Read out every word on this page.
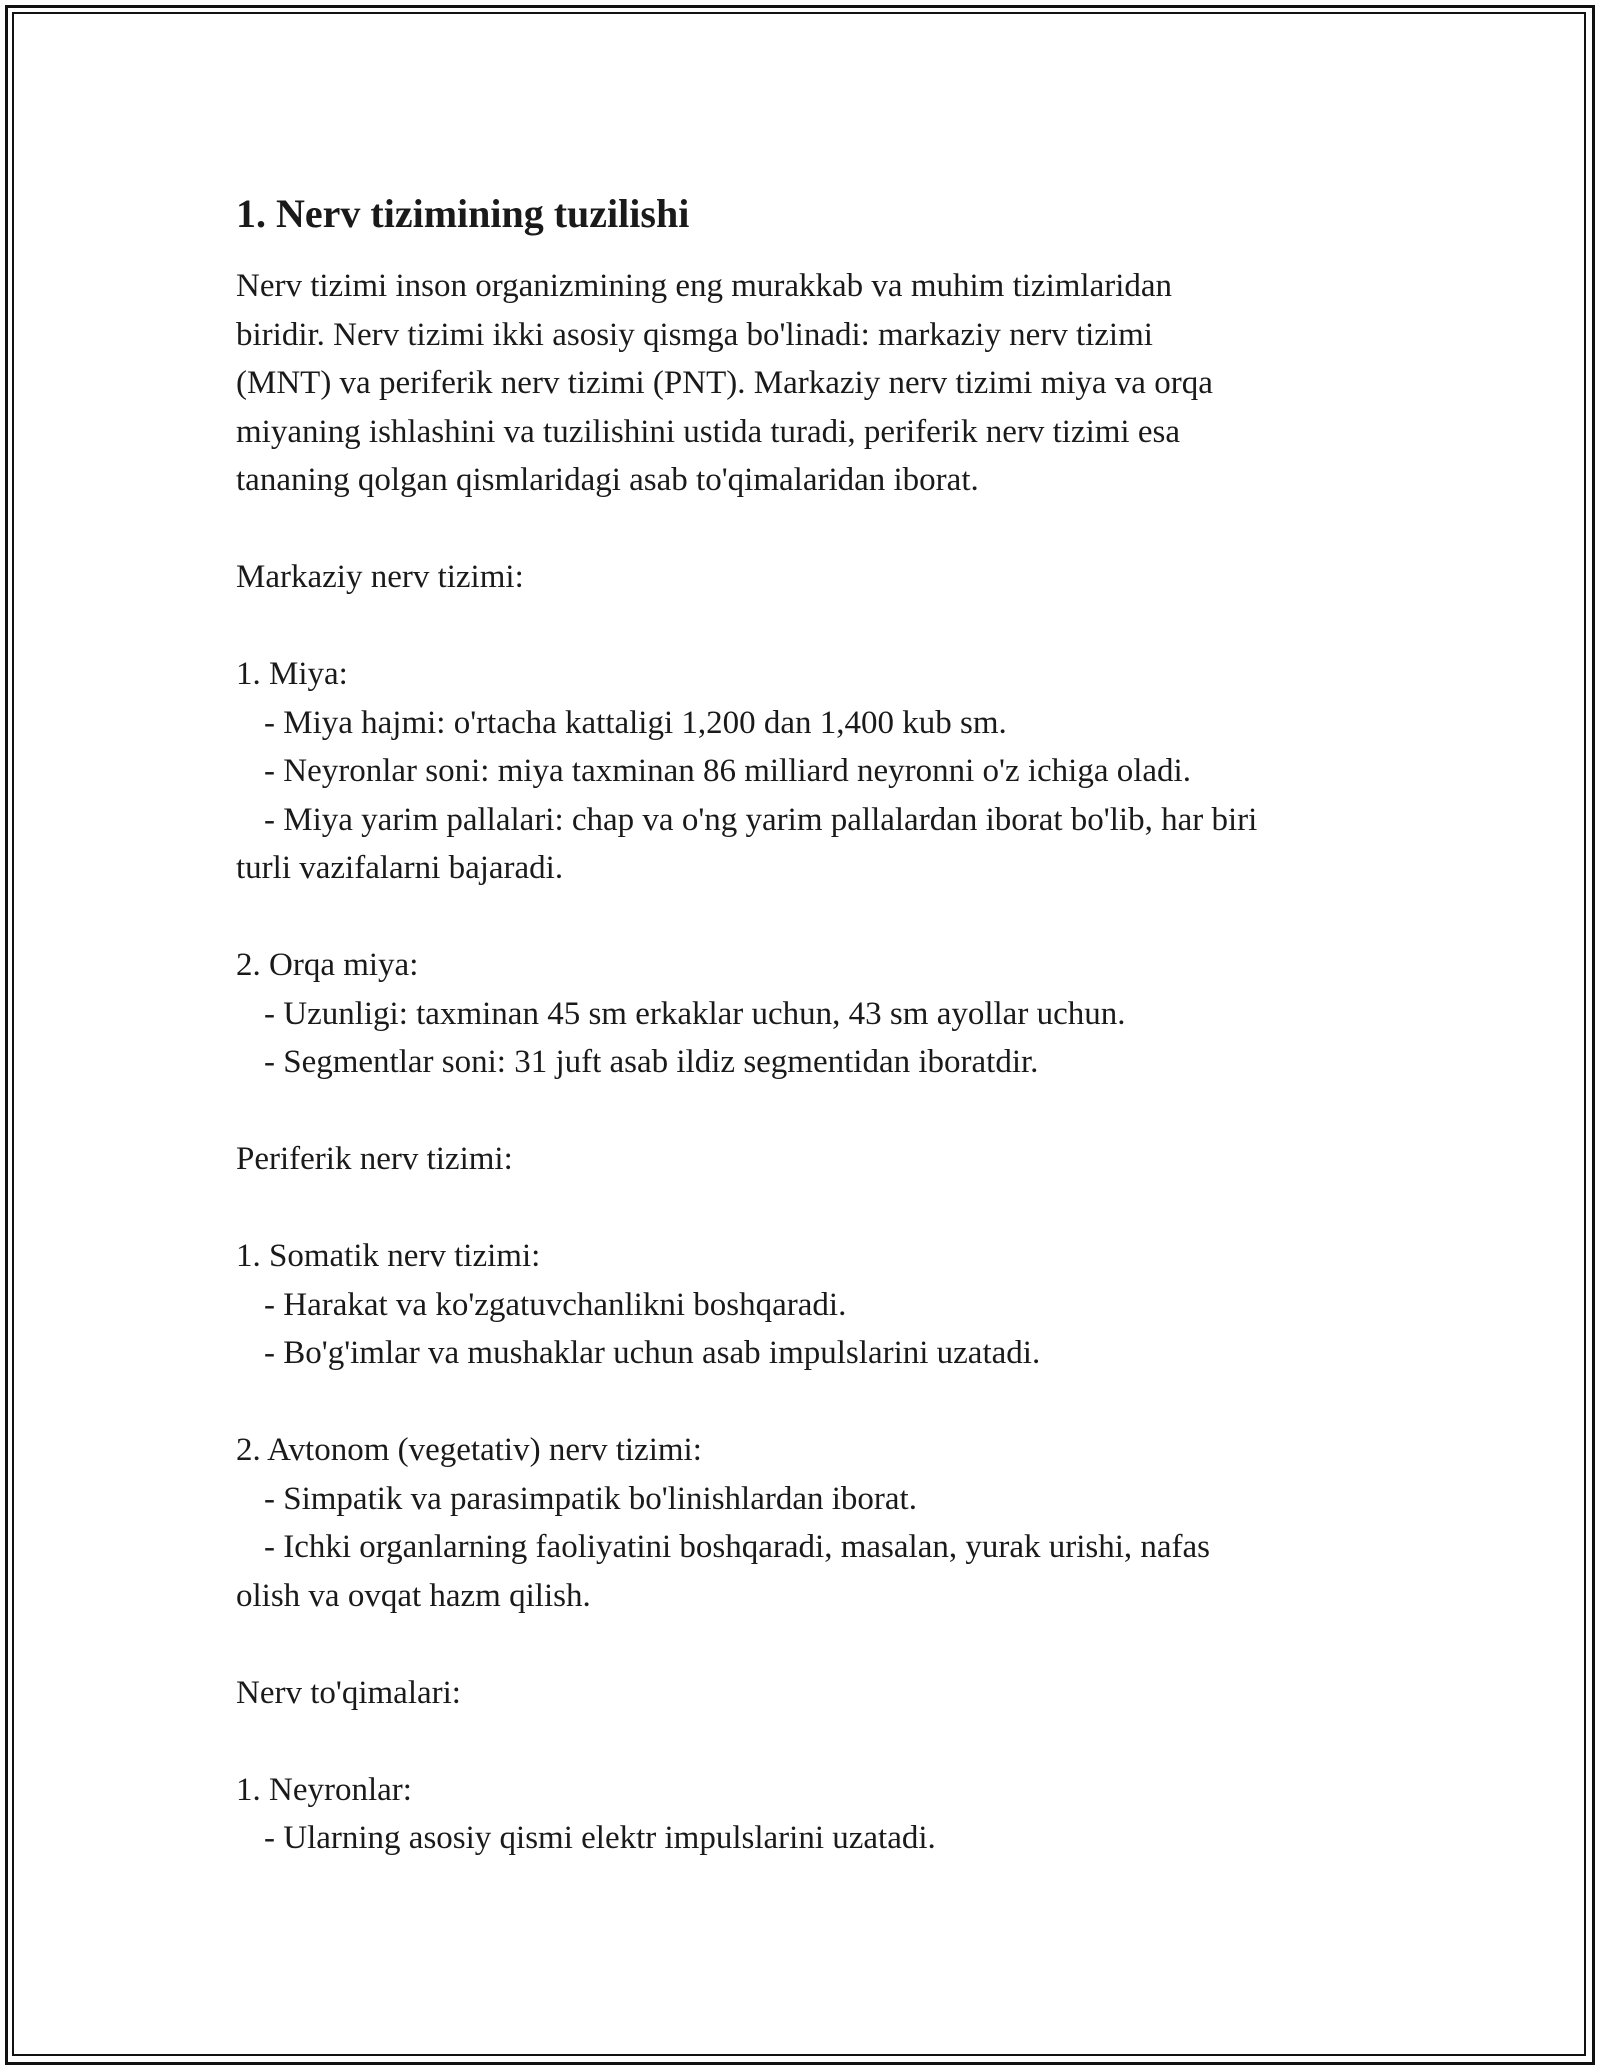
1. Nerv tizimining tuzilishi

Nerv tizimi inson organizmining eng murakkab va muhim tizimlaridan

biridir. Nerv tizimi ikki asosiy qismga bo'linadi: markaziy nerv tizimi

(MNT) va periferik nerv tizimi (PNT). Markaziy nerv tizimi miya va orqa

miyaning ishlashini va tuzilishini ustida turadi, periferik nerv tizimi esa

tananing qolgan qismlaridagi asab to'qimalaridan iborat.

Markaziy nerv tizimi:

1. Miya:

- Miya hajmi: o'rtacha kattaligi 1,200 dan 1,400 kub sm.

- Neyronlar soni: miya taxminan 86 milliard neyronni o'z ichiga oladi.

- Miya yarim pallalari: chap va o'ng yarim pallalardan iborat bo'lib, har biri

turli vazifalarni bajaradi.

2. Orqa miya:

- Uzunligi: taxminan 45 sm erkaklar uchun, 43 sm ayollar uchun.

- Segmentlar soni: 31 juft asab ildiz segmentidan iboratdir.

Periferik nerv tizimi:

1. Somatik nerv tizimi:

- Harakat va ko'zgatuvchanlikni boshqaradi.

- Bo'g'imlar va mushaklar uchun asab impulslarini uzatadi.

2. Avtonom (vegetativ) nerv tizimi:

- Simpatik va parasimpatik bo'linishlardan iborat.

- Ichki organlarning faoliyatini boshqaradi, masalan, yurak urishi, nafas

olish va ovqat hazm qilish.

Nerv to'qimalari:

1. Neyronlar:

- Ularning asosiy qismi elektr impulslarini uzatadi.
